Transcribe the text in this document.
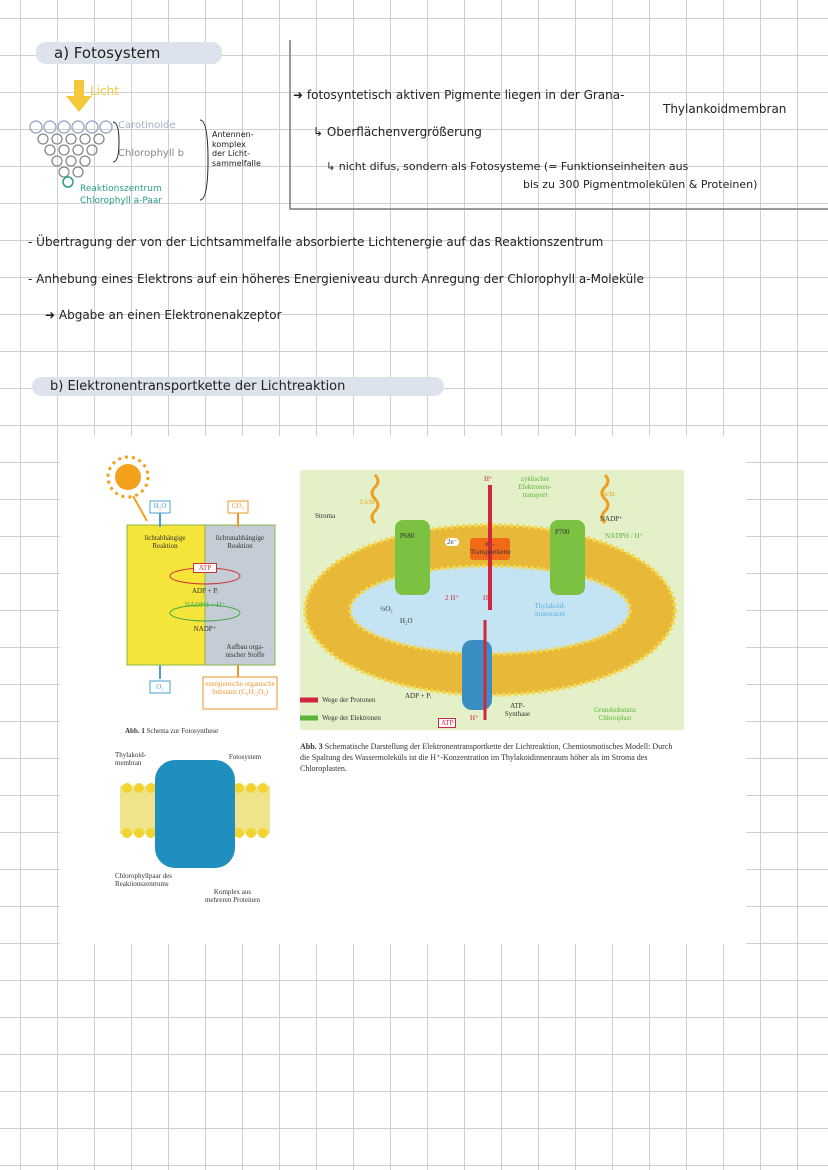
a) Fotosystem
Licht
Carotinoide
Chlorophyll b
Antennen-
komplex
der Licht-
sammelfalle
Reaktionszentrum
Chlorophyll a-Paar
➜ fotosyntetisch aktiven Pigmente liegen in der Grana-
Thylankoidmembran
↳ Oberflächenvergrößerung
↳ nicht difus, sondern als Fotosysteme (= Funktionseinheiten aus
bis zu 300 Pigmentmolekülen & Proteinen)
- Übertragung der von der Lichtsammelfalle absorbierte Lichtenergie auf das Reaktionszentrum
- Anhebung eines Elektrons auf ein höheres Energieniveau durch Anregung der Chlorophyll a-Moleküle
➜ Abgabe an einen Elektronenakzeptor
b) Elektronentransportkette der Lichtreaktion
H₂O	CO₂
lichtabhängige Reaktion
lichtunabhängige Reaktion
ATP
ADP + Pᵢ
NADPH + H⁺
NADP⁺
Aufbau orga-nischer Stoffe
O₂	energiereiche organische Substanz (C₆H₁₂O₆)
Abb. 1 Schema zur Fotosynthese
Thylakoid-membran
Fotosystem
Chlorophyllpaar des Reaktionszentrums
Komplex aus mehreren Proteinen
Stroma
Licht
Licht
P680	P700
H⁺	zyklischer Elektronen-transport
2e⁻	e⁻-Transportkette
NADP⁺
NADPH / H⁺
½O₂
H₂O
2 H⁺	H⁺
Thylakoid-innenraum
ADP + Pᵢ
ATP
H⁺
ATP-Synthase
Grundsubstanz Chloroplast
Wege der Protonen
Wege der Elektronen
Abb. 3 Schematische Darstellung der Elektronentransportkette der Lichtreaktion, Chemiosmotisches Modell: Durch die Spaltung des Wassermoleküls ist die H⁺-Konzentration im Thylakoidinnenraum höher als im Stroma des Chloroplasten.
